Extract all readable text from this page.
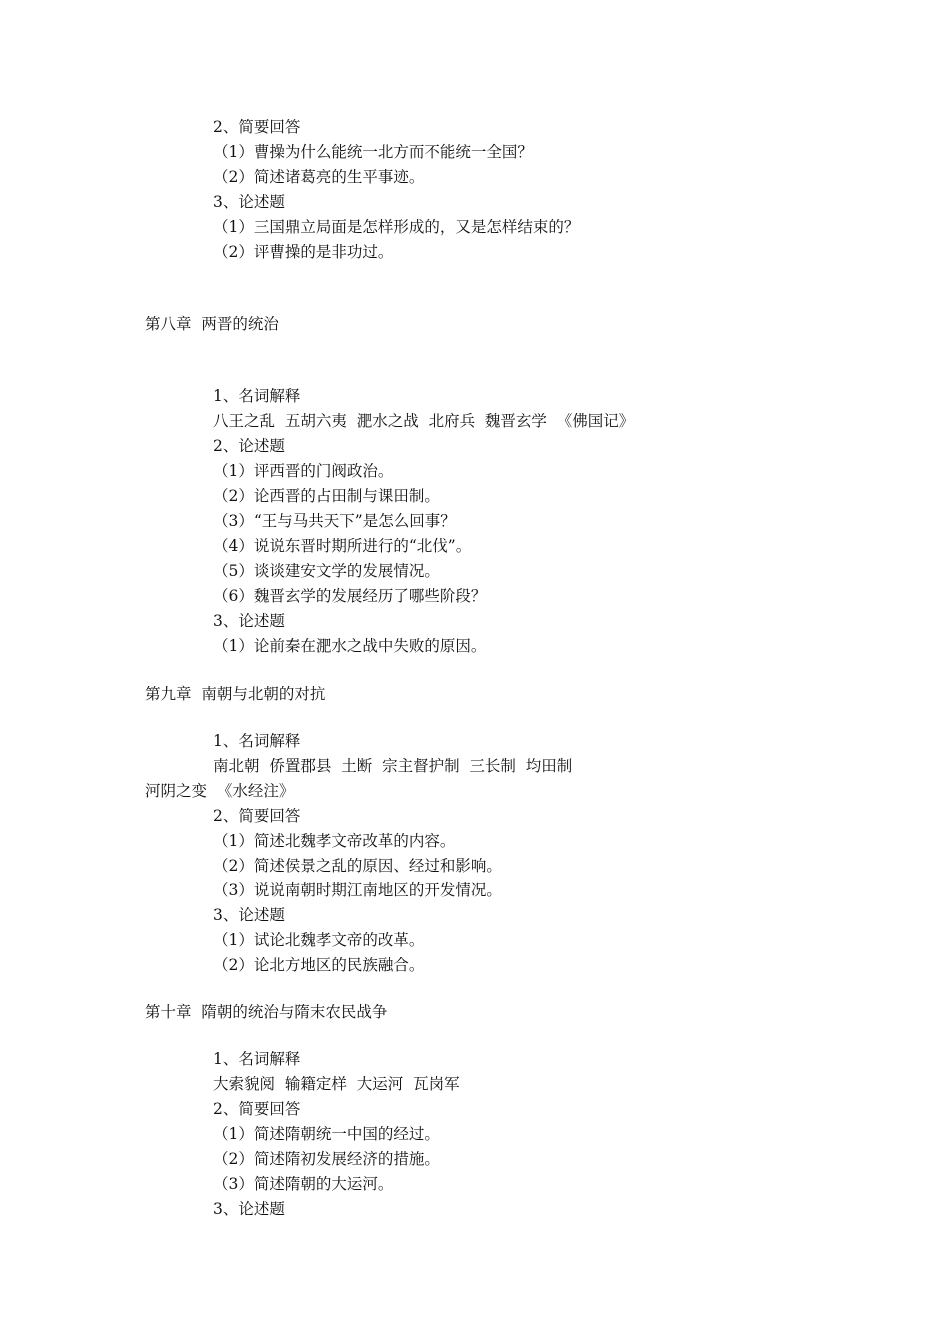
2、简要回答
（1）曹操为什么能统一北方而不能统一全国？
（2）简述诸葛亮的生平事迹。
3、论述题
（1）三国鼎立局面是怎样形成的，又是怎样结束的？
（2）评曹操的是非功过。
第八章  两晋的统治
1、名词解释
八王之乱  五胡六夷  淝水之战  北府兵  魏晋玄学  《佛国记》
2、论述题
（1）评西晋的门阀政治。
（2）论西晋的占田制与课田制。
（3）“王与马共天下”是怎么回事？
（4）说说东晋时期所进行的“北伐”。
（5）谈谈建安文学的发展情况。
（6）魏晋玄学的发展经历了哪些阶段？
3、论述题
（1）论前秦在淝水之战中失败的原因。
第九章  南朝与北朝的对抗
1、名词解释
南北朝  侨置郡县  土断  宗主督护制  三长制  均田制
河阴之变  《水经注》
2、简要回答
（1）简述北魏孝文帝改革的内容。
（2）简述侯景之乱的原因、经过和影响。
（3）说说南朝时期江南地区的开发情况。
3、论述题
（1）试论北魏孝文帝的改革。
（2）论北方地区的民族融合。
第十章  隋朝的统治与隋末农民战争
1、名词解释
大索貌阅  输籍定样  大运河  瓦岗军
2、简要回答
（1）简述隋朝统一中国的经过。
（2）简述隋初发展经济的措施。
（3）简述隋朝的大运河。
3、论述题
